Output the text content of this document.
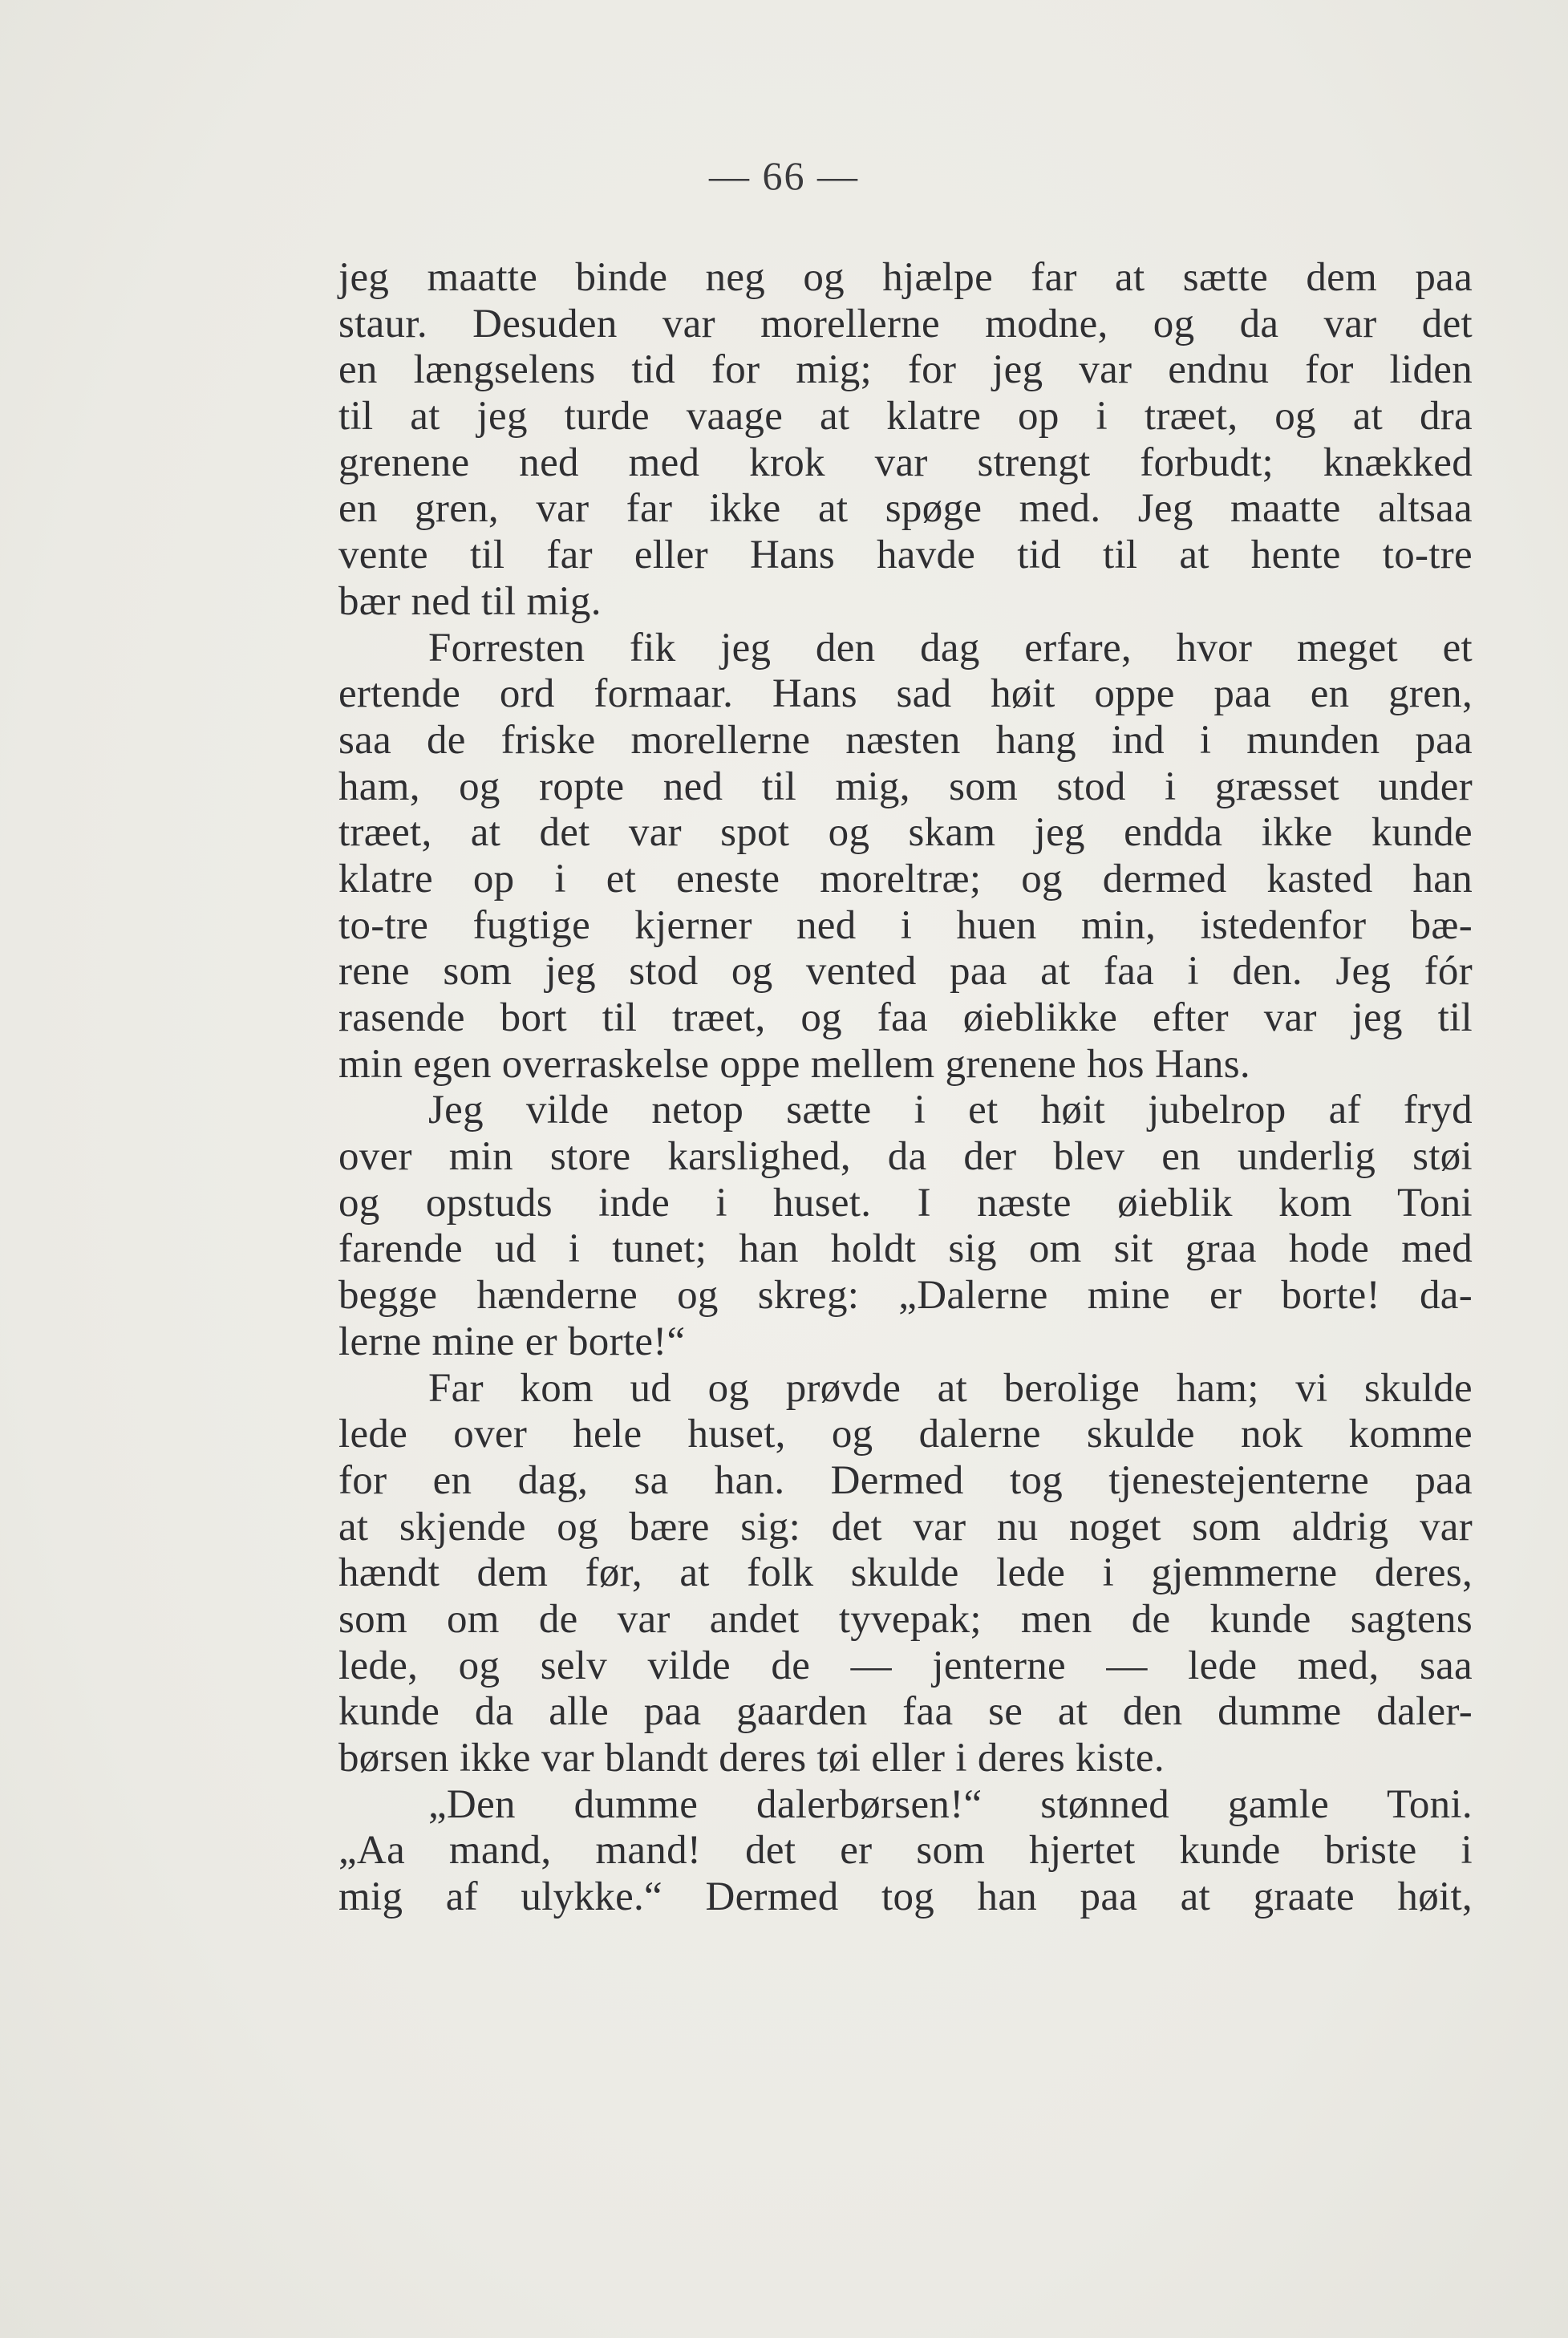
— 66 —
jeg maatte binde neg og hjælpe far at sætte dem paa
staur. Desuden var morellerne modne, og da var det
en længselens tid for mig; for jeg var endnu for liden
til at jeg turde vaage at klatre op i træet, og at dra
grenene ned med krok var strengt forbudt; knækked
en gren, var far ikke at spøge med. Jeg maatte altsaa
vente til far eller Hans havde tid til at hente to-tre
bær ned til mig.
Forresten fik jeg den dag erfare, hvor meget et
ertende ord formaar. Hans sad høit oppe paa en gren,
saa de friske morellerne næsten hang ind i munden paa
ham, og ropte ned til mig, som stod i græsset under
træet, at det var spot og skam jeg endda ikke kunde
klatre op i et eneste moreltræ; og dermed kasted han
to-tre fugtige kjerner ned i huen min, istedenfor bæ-
rene som jeg stod og vented paa at faa i den. Jeg fór
rasende bort til træet, og faa øieblikke efter var jeg til
min egen overraskelse oppe mellem grenene hos Hans.
Jeg vilde netop sætte i et høit jubelrop af fryd
over min store karslighed, da der blev en underlig støi
og opstuds inde i huset. I næste øieblik kom Toni
farende ud i tunet; han holdt sig om sit graa hode med
begge hænderne og skreg: „Dalerne mine er borte! da-
lerne mine er borte!“
Far kom ud og prøvde at berolige ham; vi skulde
lede over hele huset, og dalerne skulde nok komme
for en dag, sa han. Dermed tog tjenestejenterne paa
at skjende og bære sig: det var nu noget som aldrig var
hændt dem før, at folk skulde lede i gjemmerne deres,
som om de var andet tyvepak; men de kunde sagtens
lede, og selv vilde de — jenterne — lede med, saa
kunde da alle paa gaarden faa se at den dumme daler-
børsen ikke var blandt deres tøi eller i deres kiste.
„Den dumme dalerbørsen!“ stønned gamle Toni.
„Aa mand, mand! det er som hjertet kunde briste i
mig af ulykke.“ Dermed tog han paa at graate høit,
